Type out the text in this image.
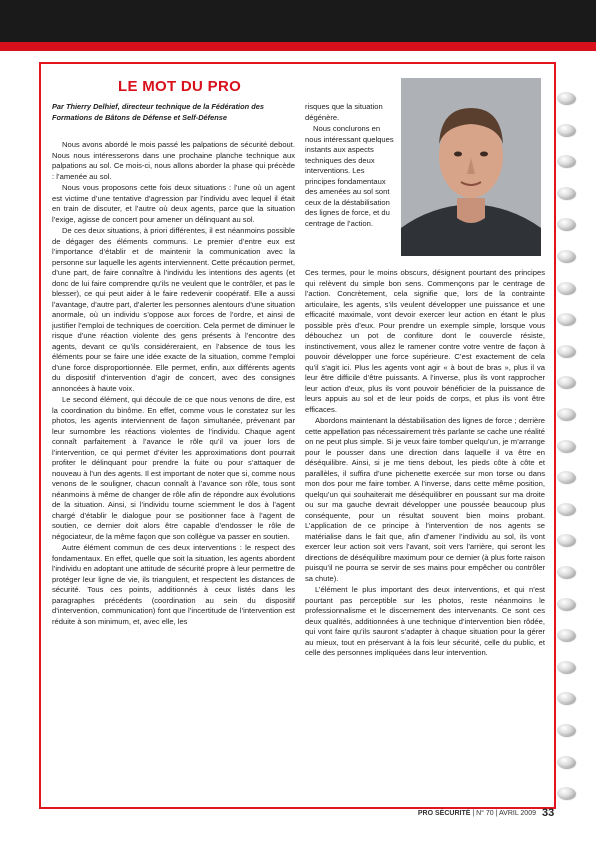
LE MOT DU PRO
Par Thierry Delhief, directeur technique de la Fédération des Formations de Bâtons de Défense et Self-Défense

Nous avons abordé le mois passé les palpations de sécurité debout. Nous nous intéresserons dans une prochaine planche technique aux palpations au sol. Ce mois-ci, nous allons aborder la phase qui précède : l’amenée au sol.

Nous vous proposons cette fois deux situations : l’une où un agent est victime d’une tentative d’agression par l’individu avec lequel il était en train de discuter, et l’autre où deux agents, parce que la situation l’exige, agisse de concert pour amener un délinquant au sol.

De ces deux situations, à priori différentes, il est néanmoins possible de dégager des éléments communs. Le premier d’entre eux est l’importance d’établir et de maintenir la communication avec la personne sur laquelle les agents interviennent. Cette précaution permet, d’une part, de faire connaître à l’individu les intentions des agents (et donc de lui faire comprendre qu’ils ne veulent que le contrôler, et pas le blesser), ce qui peut aider à le faire redevenir coopératif. Elle a aussi l’avantage, d’autre part, d’alerter les personnes alentours d’une situation anormale, où un individu s’oppose aux forces de l’ordre, et ainsi de justifier l’emploi de techniques de coercition. Cela permet de diminuer le risque d’une réaction violente des gens présents à l’encontre des agents, devant ce qu’ils considéreraient, en l’absence de tous les éléments pour se faire une idée exacte de la situation, comme l’emploi d’une force disproportionnée. Elle permet, enfin, aux différents agents du dispositif d’intervention d’agir de concert, avec des consignes annoncées à haute voix.

Le second élément, qui découle de ce que nous venons de dire, est la coordination du binôme. En effet, comme vous le constatez sur les photos, les agents interviennent de façon simultanée, prévenant par leur surnombre les réactions violentes de l’individu. Chaque agent connaît parfaitement à l’avance le rôle qu’il va jouer lors de l’intervention, ce qui permet d’éviter les approximations dont pourrait profiter le délinquant pour prendre la fuite ou pour s’attaquer de nouveau à l’un des agents. Il est important de noter que si, comme nous venons de le souligner, chacun connaît à l’avance son rôle, tous sont néanmoins à même de changer de rôle afin de répondre aux évolutions de la situation. Ainsi, si l’individu tourne sciemment le dos à l’agent chargé d’établir le dialogue pour se positionner face à l’agent de soutien, ce dernier doit alors être capable d’endosser le rôle de négociateur, de la même façon que son collègue va passer en soutien.

Autre élément commun de ces deux interventions : le respect des fondamentaux. En effet, quelle que soit la situation, les agents abordent l’individu en adoptant une attitude de sécurité propre à leur permettre de protéger leur ligne de vie, ils triangulent, et respectent les distances de sécurité. Tous ces points, additionnés à ceux listés dans les paragraphes précédents (coordination au sein du dispositif d’intervention, communication) font que l’incertitude de l’intervention est réduite à son minimum, et, avec elle, les

risques que la situation dégénère.

Nous conclurons en nous intéressant quelques instants aux aspects techniques des deux interventions. Les principes fondamentaux des amenées au sol sont ceux de la déstabilisation des lignes de force, et du centrage de l’action.

Ces termes, pour le moins obscurs, désignent pourtant des principes qui relèvent du simple bon sens. Commençons par le centrage de l’action. Concrètement, cela signifie que, lors de la contrainte articulaire, les agents, s’ils veulent développer une puissance et une efficacité maximale, vont devoir exercer leur action en étant le plus possible près d’eux. Pour prendre un exemple simple, lorsque vous débouchez un pot de confiture dont le couvercle résiste, instinctivement, vous allez le ramener contre votre ventre de façon à pouvoir développer une force supérieure. C’est exactement de cela qu’il s’agit ici. Plus les agents vont agir « à bout de bras », plus il va leur être difficile d’être puissants. A l’inverse, plus ils vont rapprocher leur action d’eux, plus ils vont pouvoir bénéficier de la puissance de leurs appuis au sol et de leur poids de corps, et plus ils vont être efficaces.

Abordons maintenant la déstabilisation des lignes de force ; derrière cette appellation pas nécessairement très parlante se cache une réalité on ne peut plus simple. Si je veux faire tomber quelqu’un, je m’arrange pour le pousser dans une direction dans laquelle il va être en déséquilibre. Ainsi, si je me tiens debout, les pieds côte à côte et parallèles, il suffira d’une pichenette exercée sur mon torse ou dans mon dos pour me faire tomber. A l’inverse, dans cette même position, quelqu’un qui souhaiterait me déséquilibrer en poussant sur ma droite ou sur ma gauche devrait développer une poussée beaucoup plus conséquente, pour un résultat souvent bien moins probant. L’application de ce principe à l’intervention de nos agents se matérialise dans le fait que, afin d’amener l’individu au sol, ils vont exercer leur action soit vers l’avant, soit vers l’arrière, qui seront les directions de déséquilibre maximum pour ce dernier (à plus forte raison puisqu’il ne pourra se servir de ses mains pour empêcher ou contrôler sa chute).

L’élément le plus important des deux interventions, et qui n’est pourtant pas perceptible sur les photos, reste néanmoins le professionnalisme et le discernement des intervenants. Ce sont ces deux qualités, additionnées à une technique d’intervention bien rôdée, qui vont faire qu’ils sauront s’adapter à chaque situation pour la gérer au mieux, tout en préservant à la fois leur sécurité, celle du public, et celle des personnes impliquées dans leur intervention.

PRO SÉCURITÉ | N° 70 | AVRIL 2009 33
